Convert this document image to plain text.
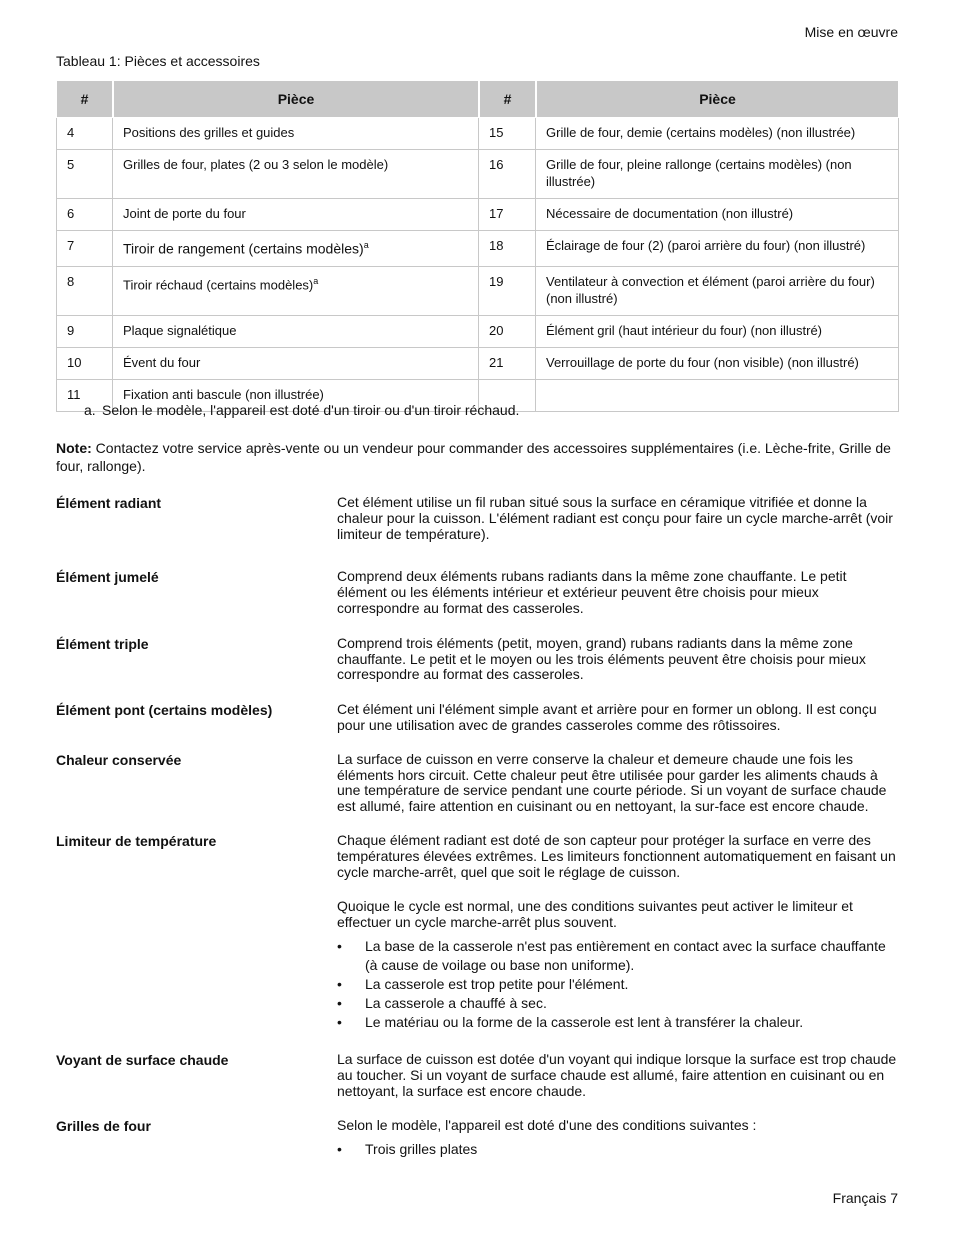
Mise en œuvre
Tableau 1: Pièces et accessoires
#	Pièce	#	Pièce
4	Positions des grilles et guides	15	Grille de four, demie (certains modèles) (non illustrée)
5	Grilles de four, plates (2 ou 3 selon le modèle)	16	Grille de four, pleine rallonge (certains modèles) (non illustrée)
6	Joint de porte du four	17	Nécessaire de documentation (non illustré)
7	Tiroir de rangement (certains modèles)$^a$	18	Éclairage de four (2) (paroi arrière du four) (non illustré)
8	Tiroir réchaud (certains modèles)$^a$	19	Ventilateur à convection et élément (paroi arrière du four) (non illustré)
9	Plaque signalétique	20	Élément gril (haut intérieur du four) (non illustré)
10	Évent du four	21	Verrouillage de porte du four (non visible) (non illustré)
11	Fixation anti bascule (non illustrée)		
a. Selon le modèle, l'appareil est doté d'un tiroir ou d'un tiroir réchaud.
Note: Contactez votre service après-vente ou un vendeur pour commander des accessoires supplémentaires (i.e. Lèche-frite, Grille de four, rallonge).
Élément radiant	Cet élément utilise un fil ruban situé sous la surface en céramique vitrifiée et donne la chaleur pour la cuisson. L'élément radiant est conçu pour faire un cycle marche-arrêt (voir limiteur de température).

Élément jumelé	Comprend deux éléments rubans radiants dans la même zone chauffante. Le petit élément ou les éléments intérieur et extérieur peuvent être choisis pour mieux correspondre au format des casseroles.

Élément triple	Comprend trois éléments (petit, moyen, grand) rubans radiants dans la même zone chauffante. Le petit et le moyen ou les trois éléments peuvent être choisis pour mieux correspondre au format des casseroles.

Élément pont (certains modèles)	Cet élément uni l'élément simple avant et arrière pour en former un oblong. Il est conçu pour une utilisation avec de grandes casseroles comme des rôtissoires.

Chaleur conservée	La surface de cuisson en verre conserve la chaleur et demeure chaude une fois les éléments hors circuit. Cette chaleur peut être utilisée pour garder les aliments chauds à une température de service pendant une courte période. Si un voyant de surface chaude est allumé, faire attention en cuisinant ou en nettoyant, la sur-face est encore chaude.

Limiteur de température	Chaque élément radiant est doté de son capteur pour protéger la surface en verre des températures élevées extrêmes. Les limiteurs fonctionnent automatiquement en faisant un cycle marche-arrêt, quel que soit le réglage de cuisson.

Quoique le cycle est normal, une des conditions suivantes peut activer le limiteur et effectuer un cycle marche-arrêt plus souvent.

• La base de la casserole n'est pas entièrement en contact avec la surface chauffante (à cause de voilage ou base non uniforme).
• La casserole est trop petite pour l'élément.
• La casserole a chauffé à sec.
• Le matériau ou la forme de la casserole est lent à transférer la chaleur.
Voyant de surface chaude	La surface de cuisson est dotée d'un voyant qui indique lorsque la surface est trop chaude au toucher. Si un voyant de surface chaude est allumé, faire attention en cuisinant ou en nettoyant, la surface est encore chaude.

Grilles de four	Selon le modèle, l'appareil est doté d'une des conditions suivantes :

• Trois grilles plates
Français 7
